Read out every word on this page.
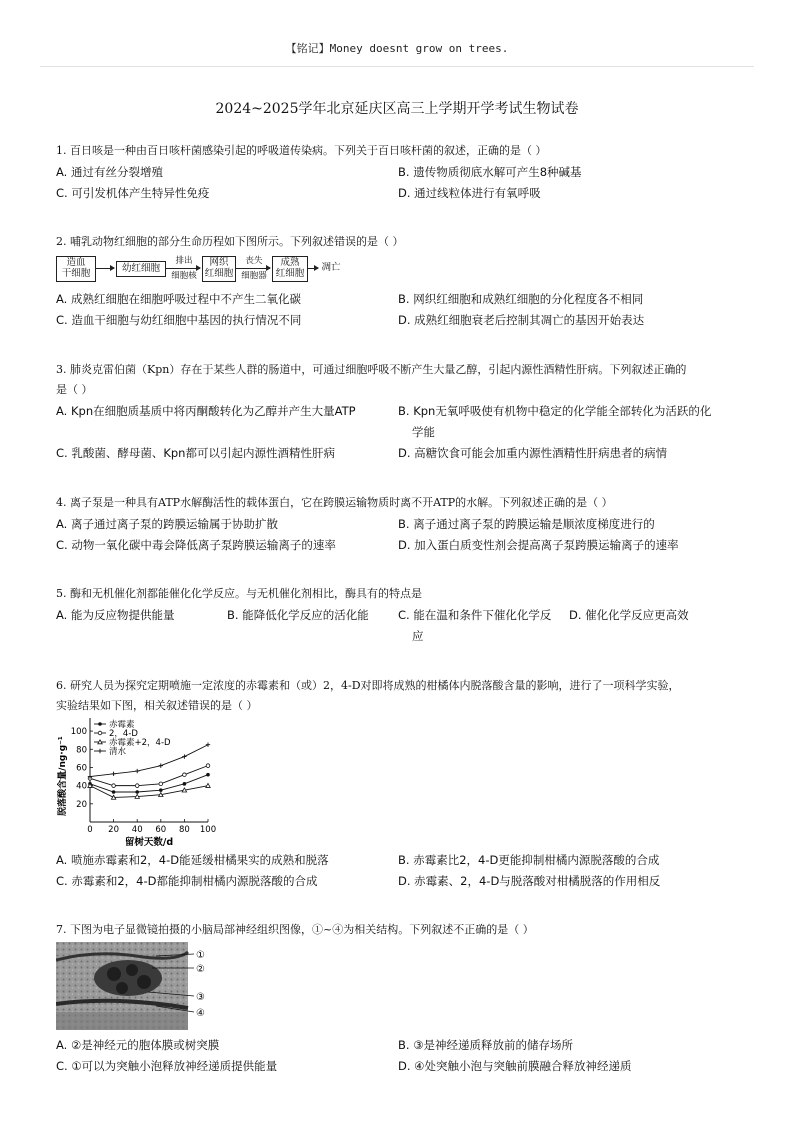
【铭记】Money doesnt grow on trees.
2024~2025学年北京延庆区高三上学期开学考试生物试卷
1. 百日咳是一种由百日咳杆菌感染引起的呼吸道传染病。下列关于百日咳杆菌的叙述，正确的是（ ）
A. 通过有丝分裂增殖	B. 遗传物质彻底水解可产生8种碱基
C. 可引发机体产生特异性免疫	D. 通过线粒体进行有氧呼吸
2. 哺乳动物红细胞的部分生命历程如下图所示。下列叙述错误的是（ ）
造血
干细胞	幼红细胞
排出
细胞核
网织
红细胞
丧失
细胞器
成熟
红细胞
凋亡
A. 成熟红细胞在细胞呼吸过程中不产生二氧化碳	B. 网织红细胞和成熟红细胞的分化程度各不相同
C. 造血干细胞与幼红细胞中基因的执行情况不同	D. 成熟红细胞衰老后控制其凋亡的基因开始表达
3. 肺炎克雷伯菌（Kpn）存在于某些人群的肠道中，可通过细胞呼吸不断产生大量乙醇，引起内源性酒精性肝病。下列叙述正确的
是（ ）
A. Kpn在细胞质基质中将丙酮酸转化为乙醇并产生大量ATP	B. Kpn无氧呼吸使有机物中稳定的化学能全部转化为活跃的化
学能
C. 乳酸菌、酵母菌、Kpn都可以引起内源性酒精性肝病	D. 高糖饮食可能会加重内源性酒精性肝病患者的病情
4. 离子泵是一种具有ATP水解酶活性的载体蛋白，它在跨膜运输物质时离不开ATP的水解。下列叙述正确的是（ ）
A. 离子通过离子泵的跨膜运输属于协助扩散	B. 离子通过离子泵的跨膜运输是顺浓度梯度进行的
C. 动物一氧化碳中毒会降低离子泵跨膜运输离子的速率	D. 加入蛋白质变性剂会提高离子泵跨膜运输离子的速率
5. 酶和无机催化剂都能催化化学反应。与无机催化剂相比，酶具有的特点是
A. 能为反应物提供能量	B. 能降低化学反应的活化能	C. 能在温和条件下催化化学反
应
D. 催化化学反应更高效
6. 研究人员为探究定期喷施一定浓度的赤霉素和（或）2，4-D对即将成熟的柑橘体内脱落酸含量的影响，进行了一项科学实验，
实验结果如下图，相关叙述错误的是（ ）
0 20 40 60 80 100
20
40
60
80
100
留树天数/d
脱落酸含量/ng·g⁻¹
赤霉素
2，4-D
赤霉素+2，4-D
清水
A. 喷施赤霉素和2，4-D能延缓柑橘果实的成熟和脱落	B. 赤霉素比2，4-D更能抑制柑橘内源脱落酸的合成
C. 赤霉素和2，4-D都能抑制柑橘内源脱落酸的合成	D. 赤霉素、2，4-D与脱落酸对柑橘脱落的作用相反
7. 下图为电子显微镜拍摄的小脑局部神经组织图像，①~④为相关结构。下列叙述不正确的是（ ）
①
②
③
④
A. ②是神经元的胞体膜或树突膜	B. ③是神经递质释放前的储存场所
C. ①可以为突触小泡释放神经递质提供能量	D. ④处突触小泡与突触前膜融合释放神经递质
